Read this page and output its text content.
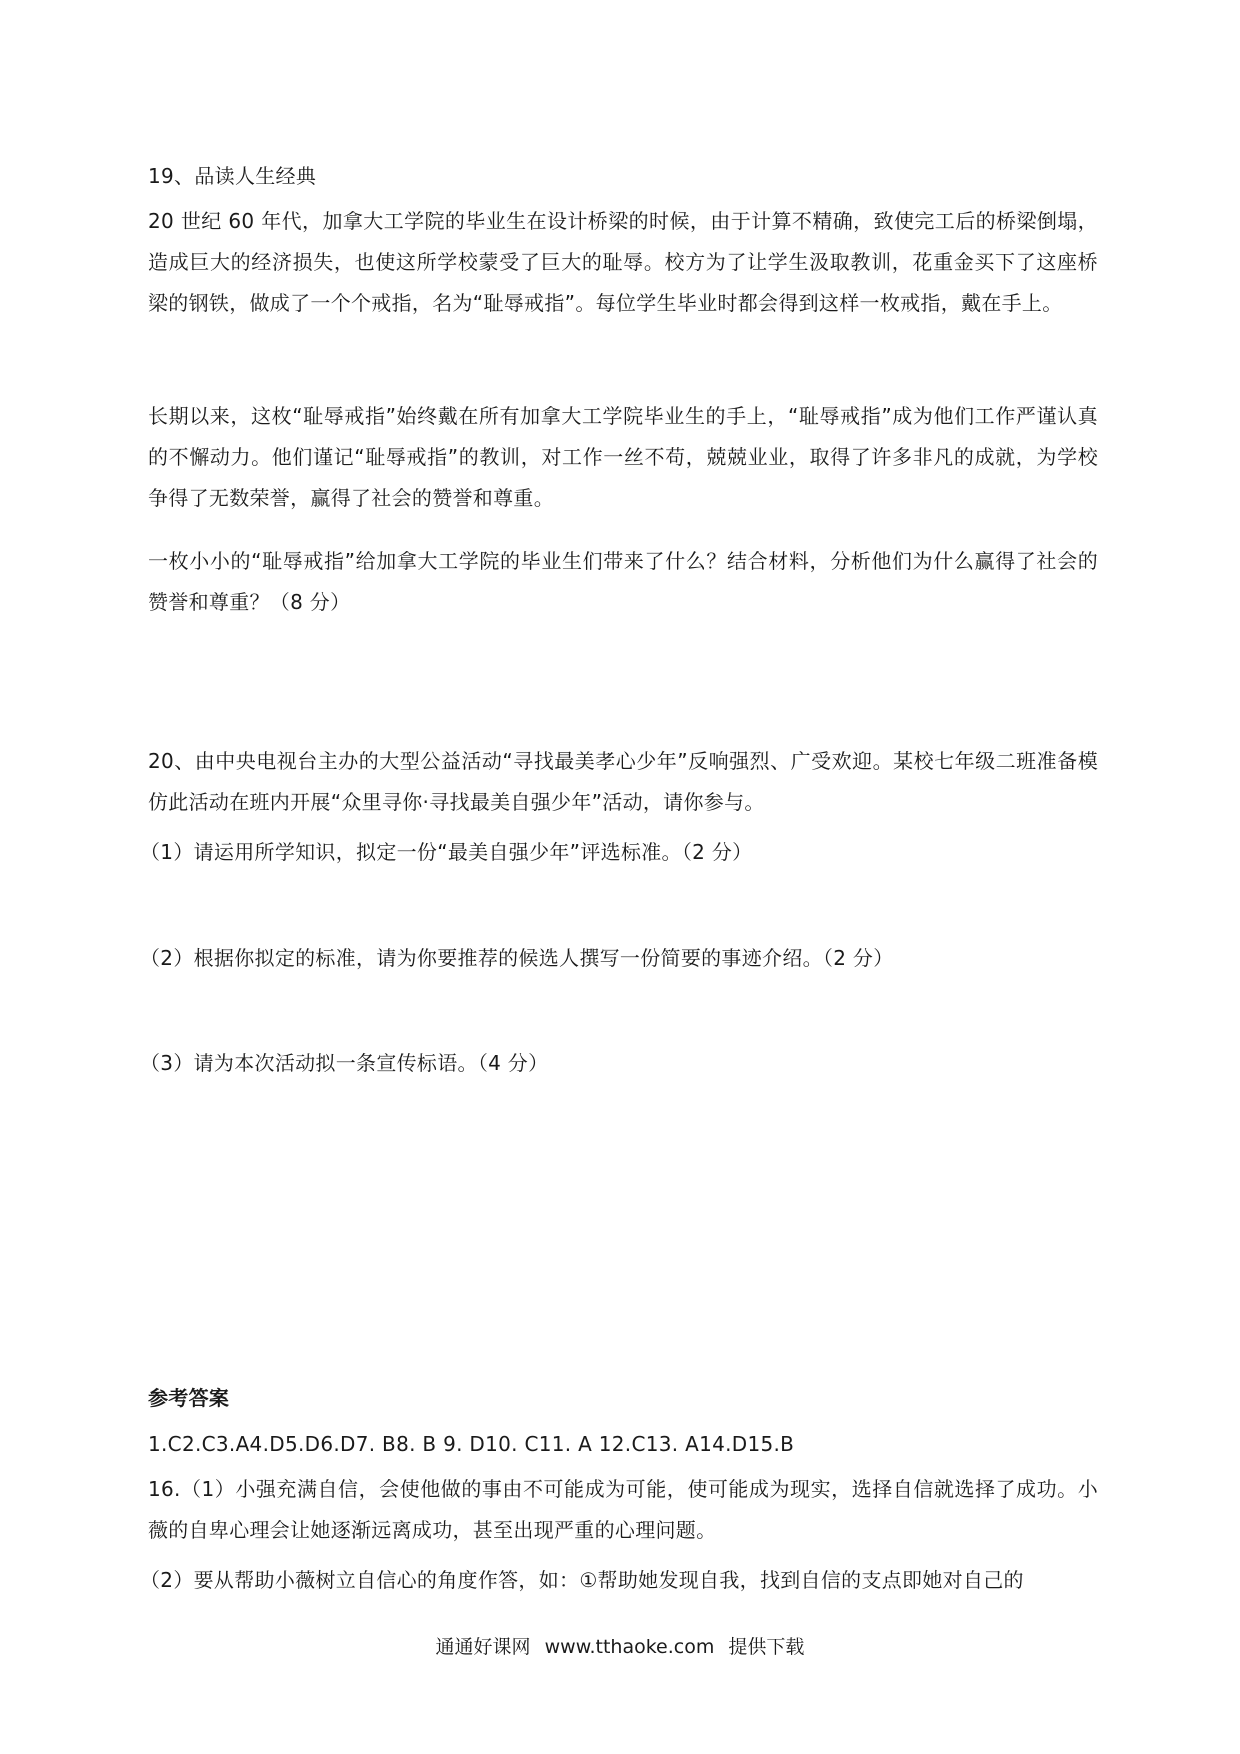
19、品读人生经典
20 世纪 60 年代，加拿大工学院的毕业生在设计桥梁的时候，由于计算不精确，致使完工后的桥梁倒塌，造成巨大的经济损失，也使这所学校蒙受了巨大的耻辱。校方为了让学生汲取教训，花重金买下了这座桥梁的钢铁，做成了一个个戒指，名为“耻辱戒指”。每位学生毕业时都会得到这样一枚戒指，戴在手上。
长期以来，这枚“耻辱戒指”始终戴在所有加拿大工学院毕业生的手上，“耻辱戒指”成为他们工作严谨认真的不懈动力。他们谨记“耻辱戒指”的教训，对工作一丝不苟，兢兢业业，取得了许多非凡的成就，为学校争得了无数荣誉，赢得了社会的赞誉和尊重。
一枚小小的“耻辱戒指”给加拿大工学院的毕业生们带来了什么？结合材料，分析他们为什么赢得了社会的赞誉和尊重？（8 分）
20、由中央电视台主办的大型公益活动“寻找最美孝心少年”反响强烈、广受欢迎。某校七年级二班准备模仿此活动在班内开展“众里寻你·寻找最美自强少年”活动，请你参与。
（1）请运用所学知识，拟定一份“最美自强少年”评选标准。（2 分）
（2）根据你拟定的标准，请为你要推荐的候选人撰写一份简要的事迹介绍。（2 分）
（3）请为本次活动拟一条宣传标语。（4 分）
参考答案
1.C2.C3.A4.D5.D6.D7. B8. B 9. D10. C11. A 12.C13. A14.D15.B
16.（1）小强充满自信，会使他做的事由不可能成为可能，使可能成为现实，选择自信就选择了成功。小薇的自卑心理会让她逐渐远离成功，甚至出现严重的心理问题。
（2）要从帮助小薇树立自信心的角度作答，如：①帮助她发现自我，找到自信的支点即她对自己的
通通好课网 www.tthaoke.com 提供下载
